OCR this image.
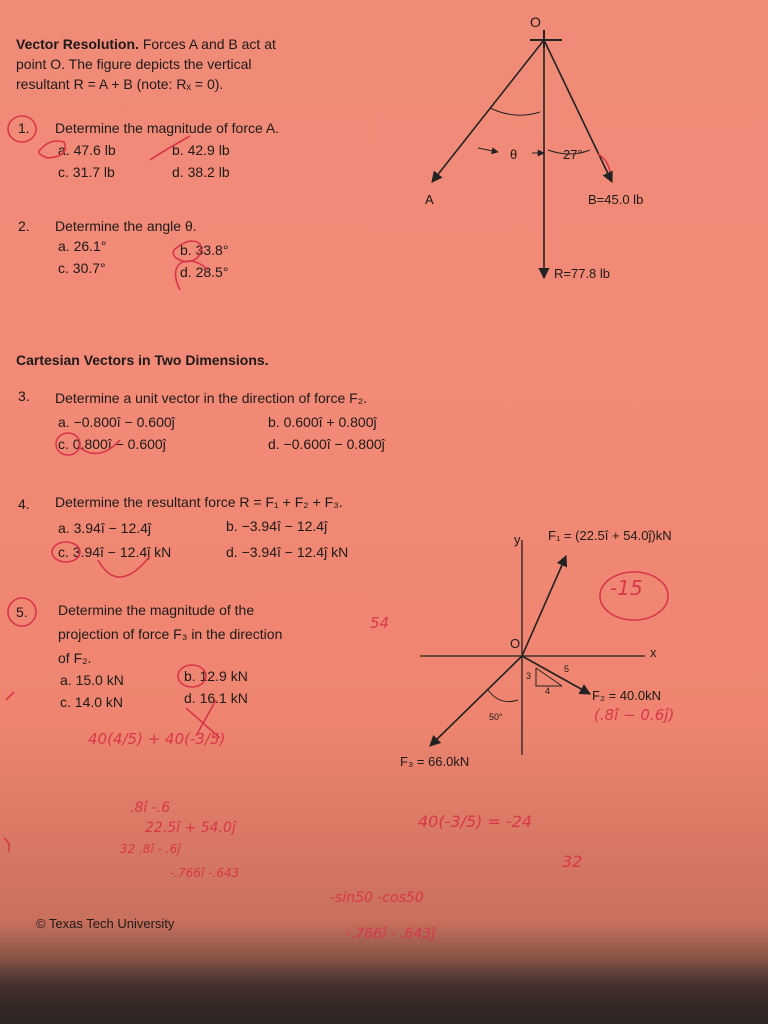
Vector Resolution. Forces A and B act at
point O. The figure depicts the vertical
resultant R = A + B (note: Rₓ = 0).
1. Determine the magnitude of force A.
a. 47.6 lb	b. 42.9 lb
c. 31.7 lb	d. 38.2 lb
2. Determine the angle θ.
a. 26.1°	b. 33.8°
c. 30.7°	d. 28.5°
Cartesian Vectors in Two Dimensions.
3. Determine a unit vector in the direction of force F₂.
a. −0.800î − 0.600ĵ	b. 0.600î + 0.800ĵ
c. 0.800î − 0.600ĵ	d. −0.600î − 0.800ĵ
4. Determine the resultant force R = F₁ + F₂ + F₃.
a. 3.94î − 12.4ĵ	b. −3.94î − 12.4ĵ
c. 3.94î − 12.4ĵ kN	d. −3.94î − 12.4ĵ kN
5. Determine the magnitude of the
projection of force F₃ in the direction
of F₂.
a. 15.0 kN	b. 12.9 kN
c. 14.0 kN	d. 16.1 kN
© Texas Tech University
O
A	B=45.0 lb
R=77.8 lb
θ	27°
y
x
O
F₁ = (22.5î + 54.0ĵ)kN
F₂ = 40.0kN
F₃ = 66.0kN
50°
3
4
5
-15
(.8î − 0.6ĵ)
54
40(4/5) + 40(-3/5)
.8î -.6
22.5î + 54.0ĵ
32 .8î - .6ĵ
-.766î -.643
40(-3/5) = -24
32
-sin50 -cos50
-.766î - .643ĵ
